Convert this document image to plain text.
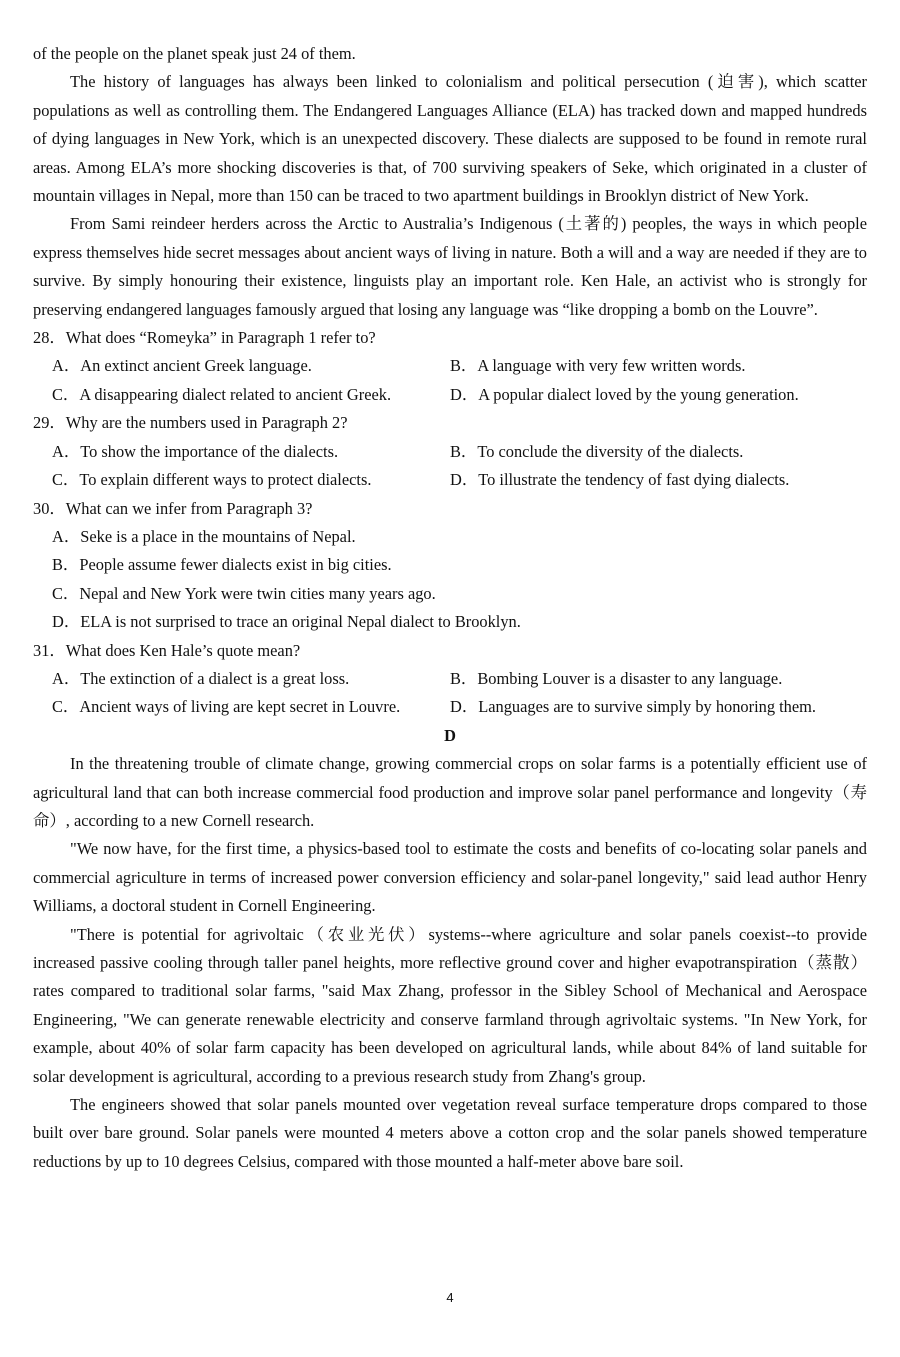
of the people on the planet speak just 24 of them.

The history of languages has always been linked to colonialism and political persecution (迫害), which scatter populations as well as controlling them. The Endangered Languages Alliance (ELA) has tracked down and mapped hundreds of dying languages in New York, which is an unexpected discovery. These dialects are supposed to be found in remote rural areas. Among ELA’s more shocking discoveries is that, of 700 surviving speakers of Seke, which originated in a cluster of mountain villages in Nepal, more than 150 can be traced to two apartment buildings in Brooklyn district of New York.

From Sami reindeer herders across the Arctic to Australia’s Indigenous (土著的) peoples, the ways in which people express themselves hide secret messages about ancient ways of living in nature. Both a will and a way are needed if they are to survive. By simply honouring their existence, linguists play an important role. Ken Hale, an activist who is strongly for preserving endangered languages famously argued that losing any language was “like dropping a bomb on the Louvre”.

28．What does “Romeyka” in Paragraph 1 refer to?
A．An extinct ancient Greek language.	B．A language with very few written words.
C．A disappearing dialect related to ancient Greek.	D．A popular dialect loved by the young generation.
29．Why are the numbers used in Paragraph 2?
A．To show the importance of the dialects.	B．To conclude the diversity of the dialects.
C．To explain different ways to protect dialects.	D．To illustrate the tendency of fast dying dialects.
30．What can we infer from Paragraph 3?
A．Seke is a place in the mountains of Nepal.
B．People assume fewer dialects exist in big cities.
C．Nepal and New York were twin cities many years ago.
D．ELA is not surprised to trace an original Nepal dialect to Brooklyn.
31．What does Ken Hale’s quote mean?
A．The extinction of a dialect is a great loss.	B．Bombing Louver is a disaster to any language.
C．Ancient ways of living are kept secret in Louvre.	D．Languages are to survive simply by honoring them.
D

In the threatening trouble of climate change, growing commercial crops on solar farms is a potentially efficient use of agricultural land that can both increase commercial food production and improve solar panel performance and longevity（寿命）, according to a new Cornell research.

"We now have, for the first time, a physics-based tool to estimate the costs and benefits of co-locating solar panels and commercial agriculture in terms of increased power conversion efficiency and solar-panel longevity," said lead author Henry Williams, a doctoral student in Cornell Engineering.

"There is potential for agrivoltaic（农业光伏）systems--where agriculture and solar panels coexist--to provide increased passive cooling through taller panel heights, more reflective ground cover and higher evapotranspiration（蒸散）rates compared to traditional solar farms, "said Max Zhang, professor in the Sibley School of Mechanical and Aerospace Engineering, "We can generate renewable electricity and conserve farmland through agrivoltaic systems. "In New York, for example, about 40% of solar farm capacity has been developed on agricultural lands, while about 84% of land suitable for solar development is agricultural, according to a previous research study from Zhang's group.

The engineers showed that solar panels mounted over vegetation reveal surface temperature drops compared to those built over bare ground. Solar panels were mounted 4 meters above a cotton crop and the solar panels showed temperature reductions by up to 10 degrees Celsius, compared with those mounted a half-meter above bare soil.

4
